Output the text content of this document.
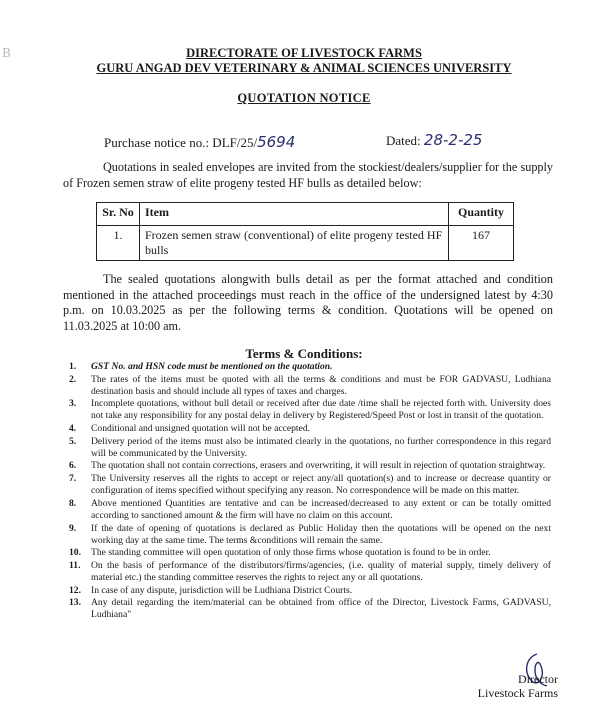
B	DIRECTORATE OF LIVESTOCK FARMS
GURU ANGAD DEV VETERINARY & ANIMAL SCIENCES UNIVERSITY
QUOTATION NOTICE
Purchase notice no.: DLF/25/5694	Dated: 28-2-25
Quotations in sealed envelopes are invited from the stockiest/dealers/supplier for the supply of Frozen semen straw of elite progeny tested HF bulls as detailed below:
Sr. No	Item	Quantity
1.	Frozen semen straw (conventional) of elite progeny tested HF bulls	167
The sealed quotations alongwith bulls detail as per the format attached and condition mentioned in the attached proceedings must reach in the office of the undersigned latest by 4:30 p.m. on 10.03.2025 as per the following terms & condition. Quotations will be opened on 11.03.2025 at 10:00 am.
Terms & Conditions:
1.	GST No. and HSN code must be mentioned on the quotation.
2.	The rates of the items must be quoted with all the terms & conditions and must be FOR GADVASU, Ludhiana destination basis and should include all types of taxes and charges.
3.	Incomplete quotations, without bull detail or received after due date /time shall be rejected forth with. University does not take any responsibility for any postal delay in delivery by Registered/Speed Post or lost in transit of the quotation.
4.	Conditional and unsigned quotation will not be accepted.
5.	Delivery period of the items must also be intimated clearly in the quotations, no further correspondence in this regard will be communicated by the University.
6.	The quotation shall not contain corrections, erasers and overwriting, it will result in rejection of quotation straightway.
7.	The University reserves all the rights to accept or reject any/all quotation(s) and to increase or decrease quantity or configuration of items specified without specifying any reason. No correspondence will be made on this matter.
8.	Above mentioned Quantities are tentative and can be increased/decreased to any extent or can be totally omitted according to sanctioned amount & the firm will have no claim on this account.
9.	If the date of opening of quotations is declared as Public Holiday then the quotations will be opened on the next working day at the same time. The terms &conditions will remain the same.
10.	The standing committee will open quotation of only those firms whose quotation is found to be in order.
11.	On the basis of performance of the distributors/firms/agencies, (i.e. quality of material supply, timely delivery of material etc.) the standing committee reserves the rights to reject any or all quotations.
12.	In case of any dispute, jurisdiction will be Ludhiana District Courts.
13.	Any detail regarding the item/material can be obtained from office of the Director, Livestock Farms, GADVASU, Ludhiana"
Director
Livestock Farms
